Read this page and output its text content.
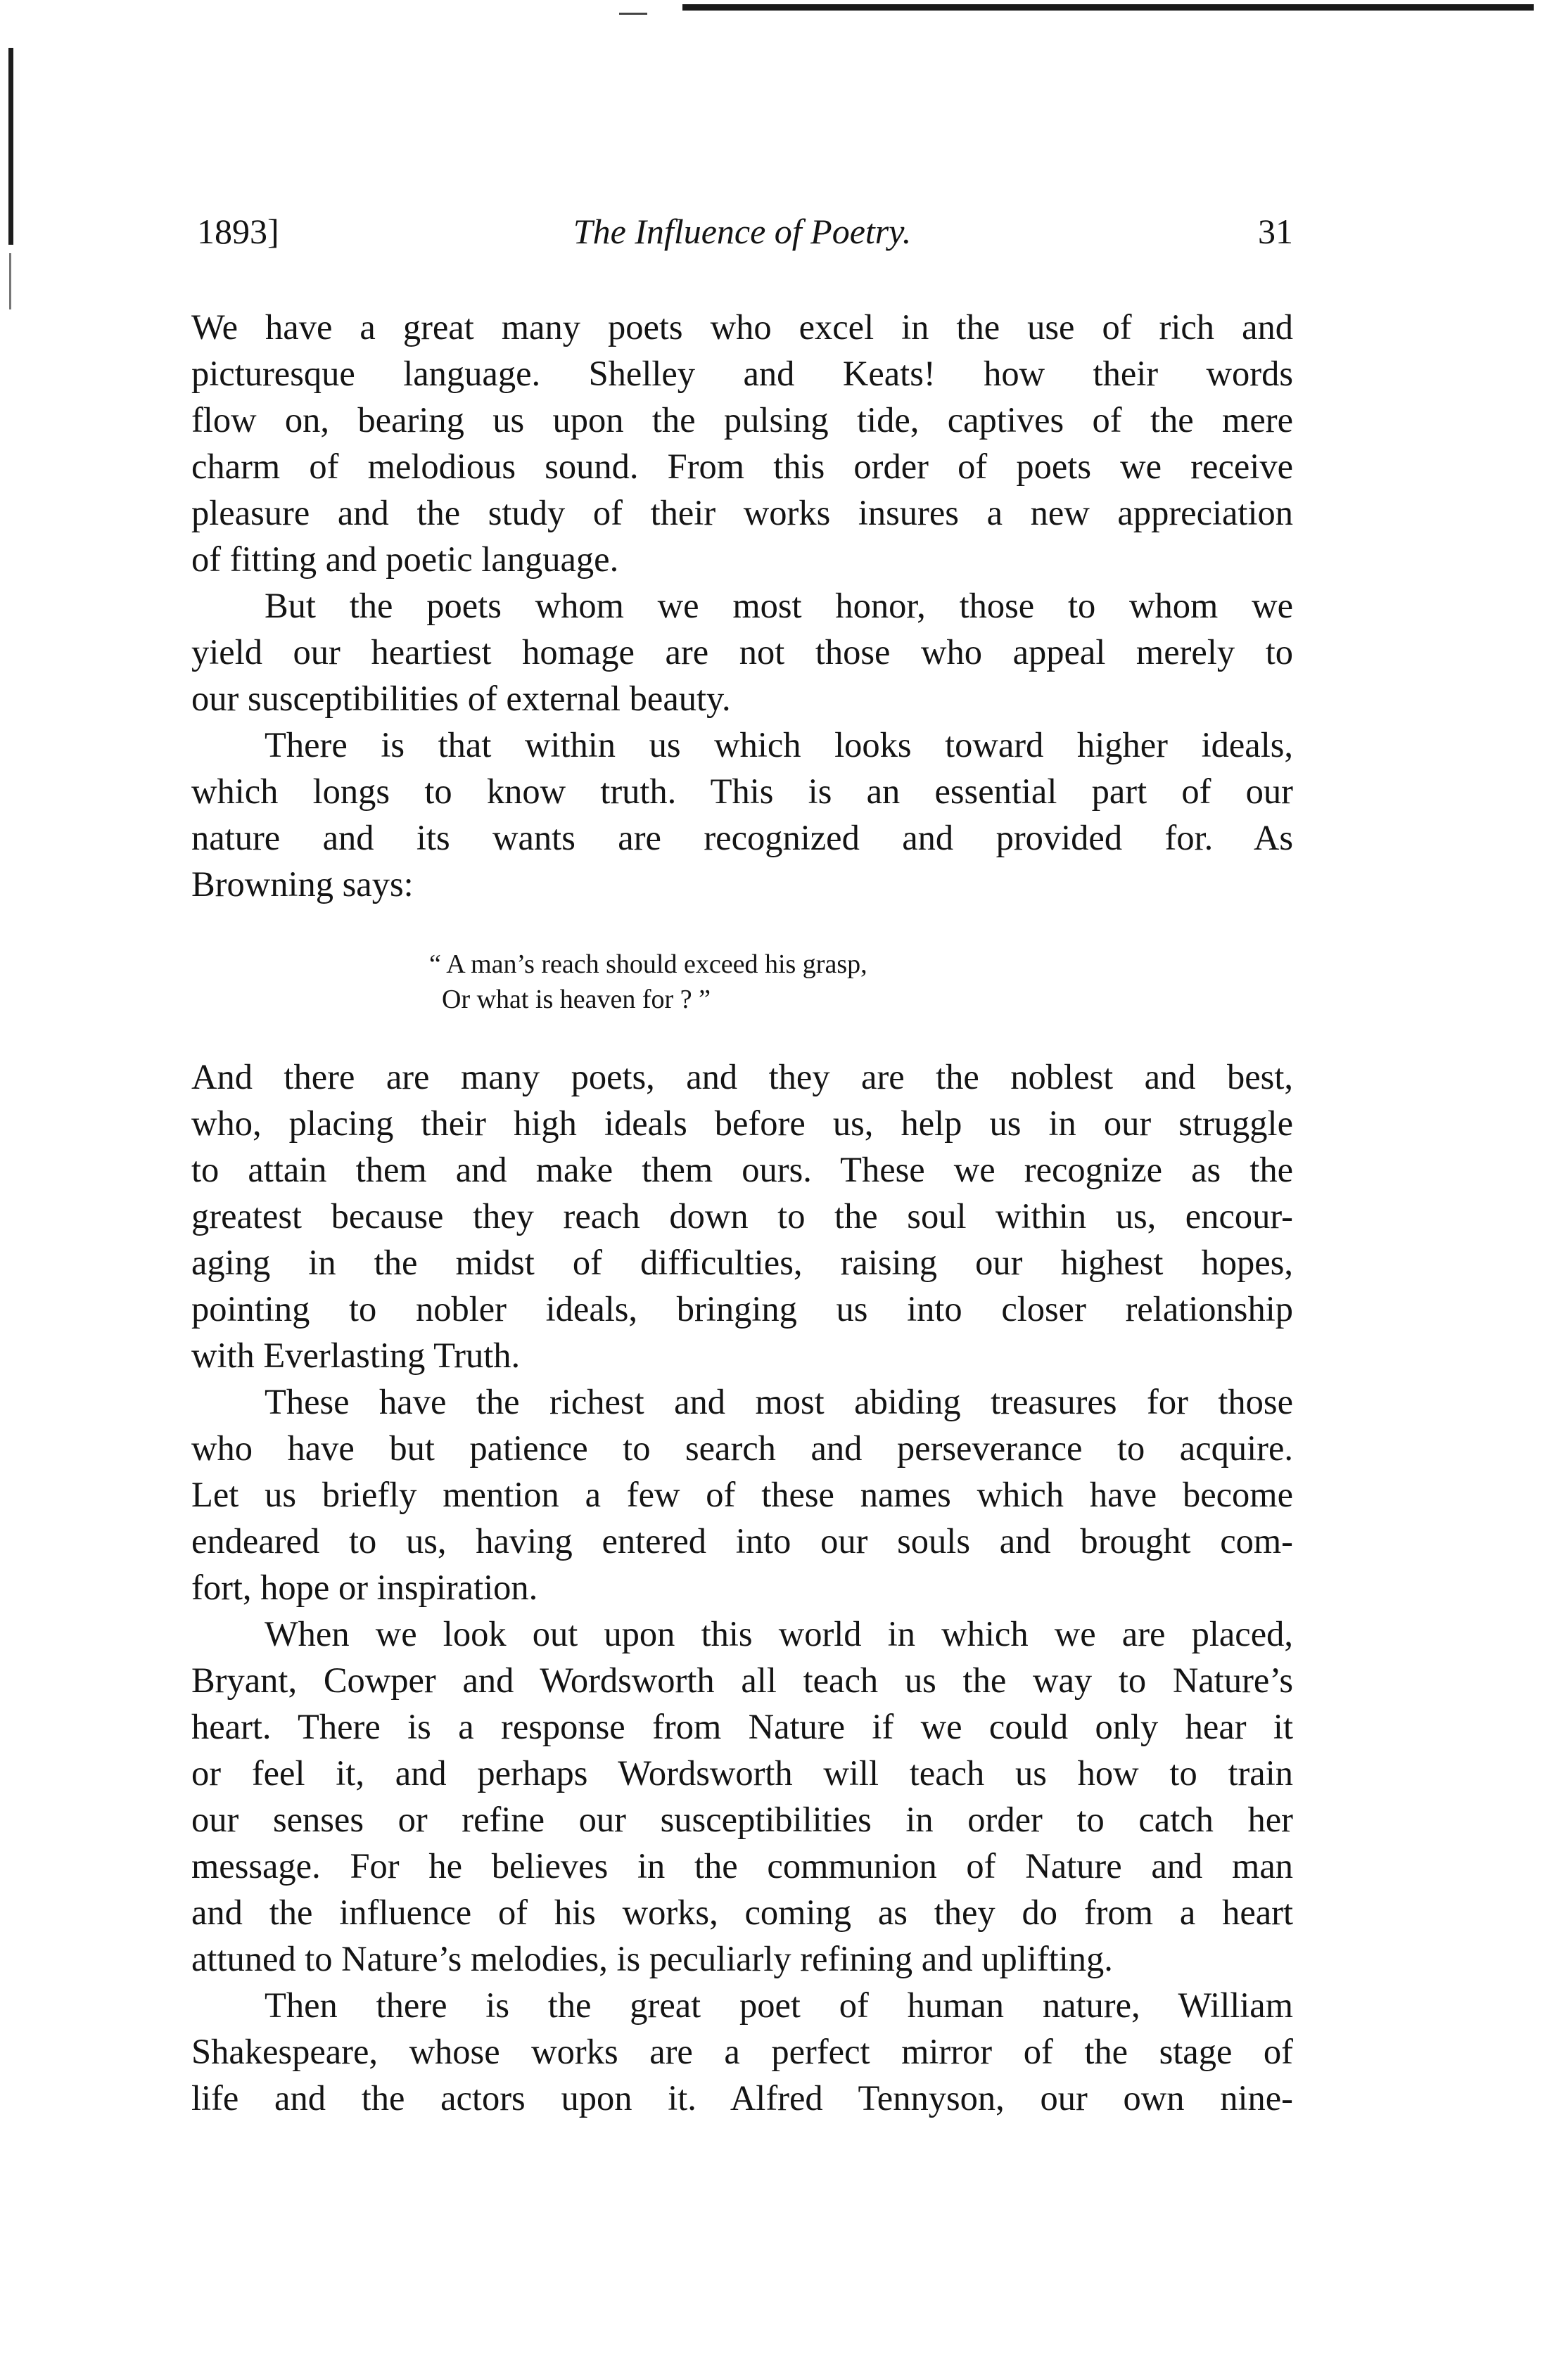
The Influence of Poetry.
1893]	31
We have a great many poets who excel in the use of rich and
picturesque language. Shelley and Keats! how their words
flow on, bearing us upon the pulsing tide, captives of the mere
charm of melodious sound. From this order of poets we receive
pleasure and the study of their works insures a new appreciation
of fitting and poetic language.
But the poets whom we most honor, those to whom we
yield our heartiest homage are not those who appeal merely to
our susceptibilities of external beauty.
There is that within us which looks toward higher ideals,
which longs to know truth. This is an essential part of our
nature and its wants are recognized and provided for. As
Browning says:
“ A man’s reach should exceed his grasp,
Or what is heaven for ? ”
And there are many poets, and they are the noblest and best,
who, placing their high ideals before us, help us in our struggle
to attain them and make them ours. These we recognize as the
greatest because they reach down to the soul within us, encour-
aging in the midst of difficulties, raising our highest hopes,
pointing to nobler ideals, bringing us into closer relationship
with Everlasting Truth.
These have the richest and most abiding treasures for those
who have but patience to search and perseverance to acquire.
Let us briefly mention a few of these names which have become
endeared to us, having entered into our souls and brought com-
fort, hope or inspiration.
When we look out upon this world in which we are placed,
Bryant, Cowper and Wordsworth all teach us the way to Nature’s
heart. There is a response from Nature if we could only hear it
or feel it, and perhaps Wordsworth will teach us how to train
our senses or refine our susceptibilities in order to catch her
message. For he believes in the communion of Nature and man
and the influence of his works, coming as they do from a heart
attuned to Nature’s melodies, is peculiarly refining and uplifting.
Then there is the great poet of human nature, William
Shakespeare, whose works are a perfect mirror of the stage of
life and the actors upon it. Alfred Tennyson, our own nine-
